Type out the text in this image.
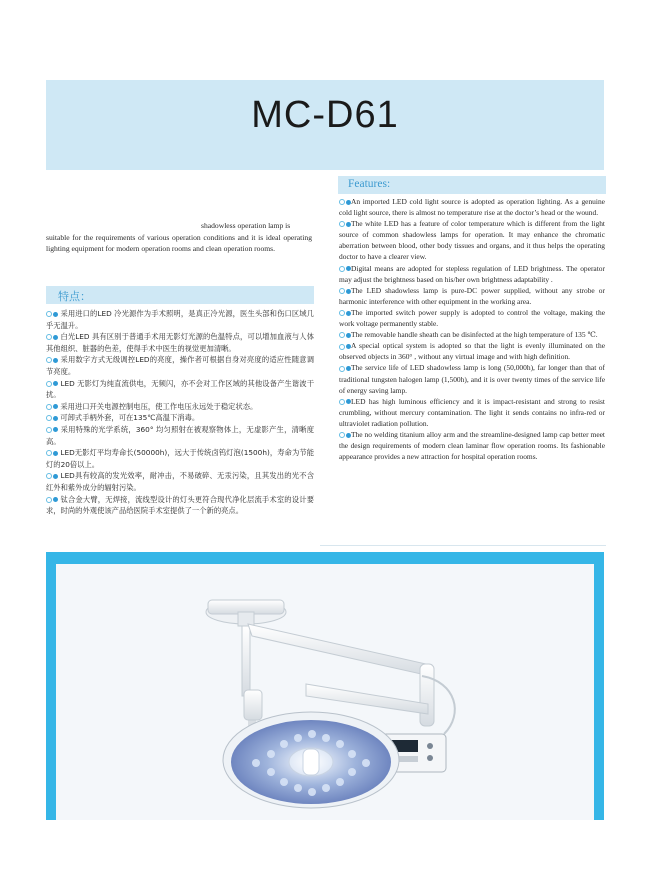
MC-D61
shadowless operation lamp is
suitable for the requirements of various operation conditions and it is ideal operating lighting equipment for modern operation rooms and clean operation rooms.
特点：

采用进口的LED 冷光源作为手术照明，是真正冷光源，医生头部和伤口区域几乎无温升。

白光LED 具有区别于普通手术用无影灯光源的色温特点，可以增加血液与人体其他组织、脏器的色差，使得手术中医生的视觉更加清晰。

采用数字方式无级调控LED的亮度，操作者可根据自身对亮度的适应性随意调节亮度。

LED 无影灯为纯直流供电，无频闪，亦不会对工作区域的其他设备产生谐波干扰。

采用进口开关电源控制电压，使工作电压永远处于稳定状态。

可卸式手柄外套，可在135℃高温下消毒。

采用特殊的光学系统，360° 均匀照射在被观察物体上，无虚影产生，清晰度高。

LED无影灯平均寿命长(50000h)，远大于传统卤钨灯泡(1500h)，寿命为节能灯的20倍以上。

LED具有较高的发光效率，耐冲击，不易破碎、无汞污染，且其发出的光不含红外和紫外成分的辐射污染。

钛合金大臂，无焊接，流线型设计的灯头更符合现代净化层流手术室的设计要求，时尚的外观使该产品给医院手术室提供了一个新的亮点。

Features:

An imported LED cold light source is adopted as operation lighting. As a genuine cold light source, there is almost no temperature rise at the doctor’s head or the wound.

The white LED has a feature of color temperature which is different from the light source of common shadowless lamps for operation. It may enhance the chromatic aberration between blood, other body tissues and organs, and it thus helps the operating doctor to have a clearer view.

Digital means are adopted for stepless regulation of LED brightness. The operator may adjust the brightness based on his/her own brightness adaptability .

The LED shadowless lamp is pure-DC power supplied, without any strobe or harmonic interference with other equipment in the working area.

The imported switch power supply is adopted to control the voltage, making the work voltage permanently stable.

The removable handle sheath can be disinfected at the high temperature of 135 ℃.

A special optical system is adopted so that the light is evenly illuminated on the observed objects in 360° , without any virtual image and with high definition.

The service life of LED shadowless lamp is long (50,000h), far longer than that of traditional tungsten halogen lamp (1,500h), and it is over twenty times of the service life of energy saving lamp.

LED has high luminous efficiency and it is impact-resistant and strong to resist crumbling, without mercury contamination. The light it sends contains no infra-red or ultraviolet radiation pollution.

The no welding titanium alloy arm and the streamline-designed lamp cap better meet the design requirements of modern clean laminar flow operation rooms. Its fashionable appearance provides a new attraction for hospital operation rooms.
